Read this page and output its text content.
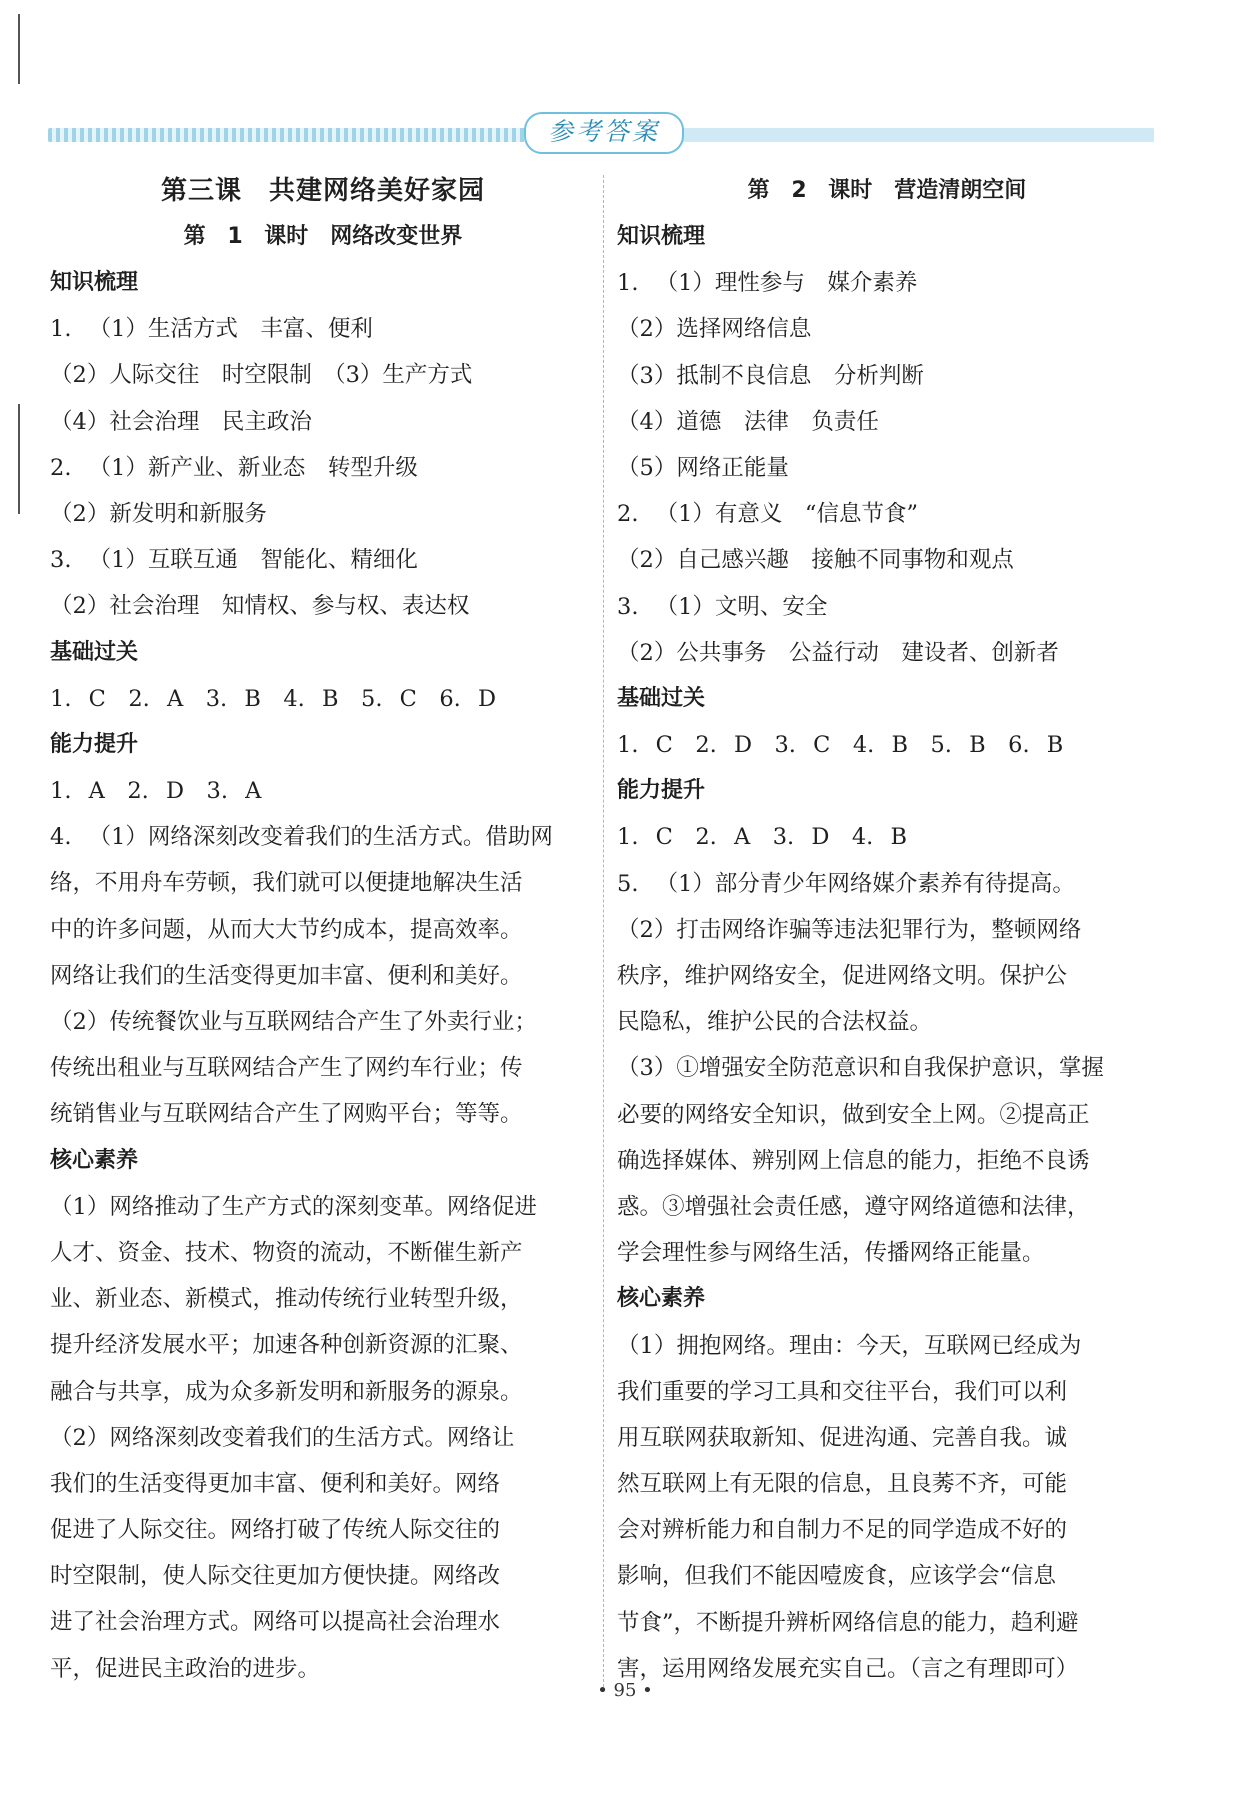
参考答案
第三课　共建网络美好家园
第 1 课时　网络改变世界
知识梳理
1. （1）生活方式　丰富、便利
（2）人际交往　时空限制　（3）生产方式
（4）社会治理　民主政治
2. （1）新产业、新业态　转型升级
（2）新发明和新服务
3. （1）互联互通　智能化、精细化
（2）社会治理　知情权、参与权、表达权
基础过关
1. C　2. A　3. B　4. B　5. C　6. D
能力提升
1. A　2. D　3. A
4. （1）网络深刻改变着我们的生活方式。借助网
络，不用舟车劳顿，我们就可以便捷地解决生活
中的许多问题，从而大大节约成本，提高效率。
网络让我们的生活变得更加丰富、便利和美好。
（2）传统餐饮业与互联网结合产生了外卖行业；
传统出租业与互联网结合产生了网约车行业；传
统销售业与互联网结合产生了网购平台；等等。
核心素养
（1）网络推动了生产方式的深刻变革。网络促进
人才、资金、技术、物资的流动，不断催生新产
业、新业态、新模式，推动传统行业转型升级，
提升经济发展水平；加速各种创新资源的汇聚、
融合与共享，成为众多新发明和新服务的源泉。
（2）网络深刻改变着我们的生活方式。网络让
我们的生活变得更加丰富、便利和美好。网络
促进了人际交往。网络打破了传统人际交往的
时空限制，使人际交往更加方便快捷。网络改
进了社会治理方式。网络可以提高社会治理水
平，促进民主政治的进步。
第 2 课时　营造清朗空间
知识梳理
1. （1）理性参与　媒介素养
（2）选择网络信息
（3）抵制不良信息　分析判断
（4）道德　法律　负责任
（5）网络正能量
2. （1）有意义　“信息节食”
（2）自己感兴趣　接触不同事物和观点
3. （1）文明、安全
（2）公共事务　公益行动　建设者、创新者
基础过关
1. C　2. D　3. C　4. B　5. B　6. B
能力提升
1. C　2. A　3. D　4. B
5. （1）部分青少年网络媒介素养有待提高。
（2）打击网络诈骗等违法犯罪行为，整顿网络
秩序，维护网络安全，促进网络文明。保护公
民隐私，维护公民的合法权益。
（3）①增强安全防范意识和自我保护意识，掌握
必要的网络安全知识，做到安全上网。②提高正
确选择媒体、辨别网上信息的能力，拒绝不良诱
惑。③增强社会责任感，遵守网络道德和法律，
学会理性参与网络生活，传播网络正能量。
核心素养
（1）拥抱网络。理由：今天，互联网已经成为
我们重要的学习工具和交往平台，我们可以利
用互联网获取新知、促进沟通、完善自我。诚
然互联网上有无限的信息，且良莠不齐，可能
会对辨析能力和自制力不足的同学造成不好的
影响，但我们不能因噎废食，应该学会“信息
节食”，不断提升辨析网络信息的能力，趋利避
害，运用网络发展充实自己。（言之有理即可）
• 95 •
